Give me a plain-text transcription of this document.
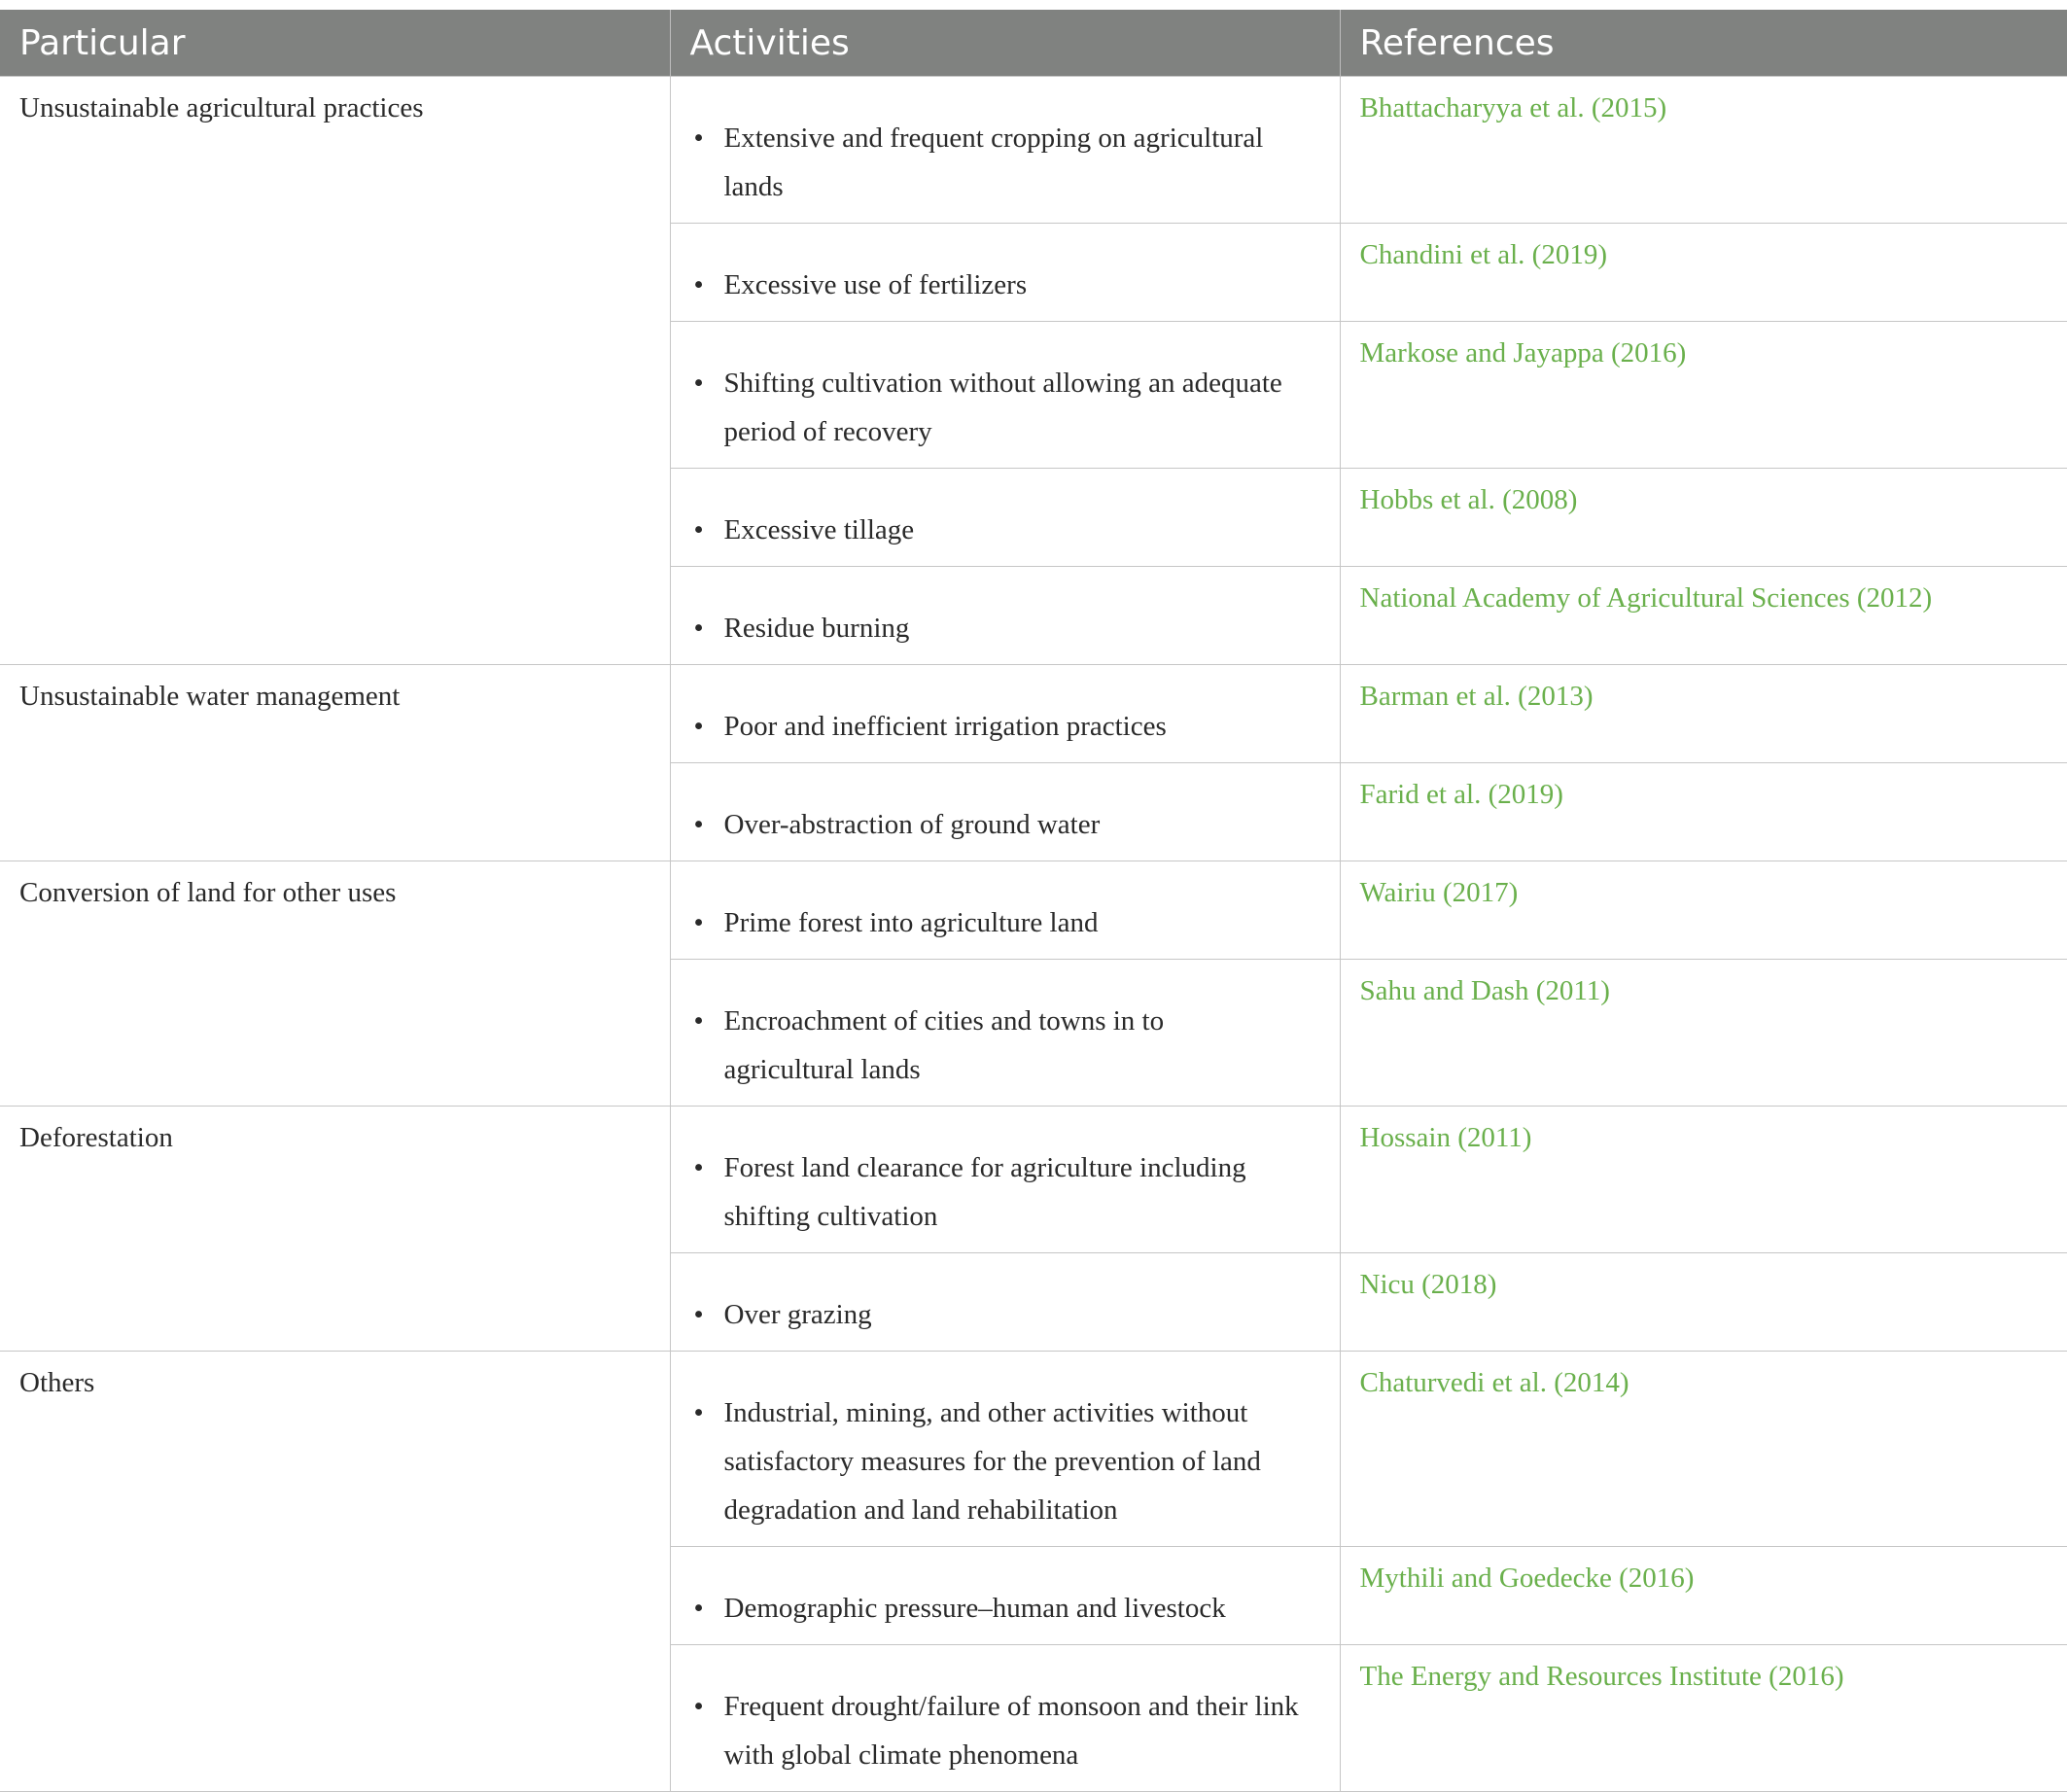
Particular	Activities	References

Unsustainable agricultural practices	• Extensive and frequent cropping on agricultural lands	Bhattacharyya et al. (2015)

	• Excessive use of fertilizers	Chandini et al. (2019)

	• Shifting cultivation without allowing an adequate period of recovery	Markose and Jayappa (2016)

	• Excessive tillage	Hobbs et al. (2008)

	• Residue burning	National Academy of Agricultural Sciences (2012)

Unsustainable water management	• Poor and inefficient irrigation practices	Barman et al. (2013)

	• Over-abstraction of ground water	Farid et al. (2019)

Conversion of land for other uses	• Prime forest into agriculture land	Wairiu (2017)

	• Encroachment of cities and towns in to agricultural lands	Sahu and Dash (2011)

Deforestation	• Forest land clearance for agriculture including shifting cultivation	Hossain (2011)

	• Over grazing	Nicu (2018)

Others	• Industrial, mining, and other activities without satisfactory measures for the prevention of land degradation and land rehabilitation	Chaturvedi et al. (2014)

	• Demographic pressure–human and livestock	Mythili and Goedecke (2016)

	• Frequent drought/failure of monsoon and their link with global climate phenomena	The Energy and Resources Institute (2016)
